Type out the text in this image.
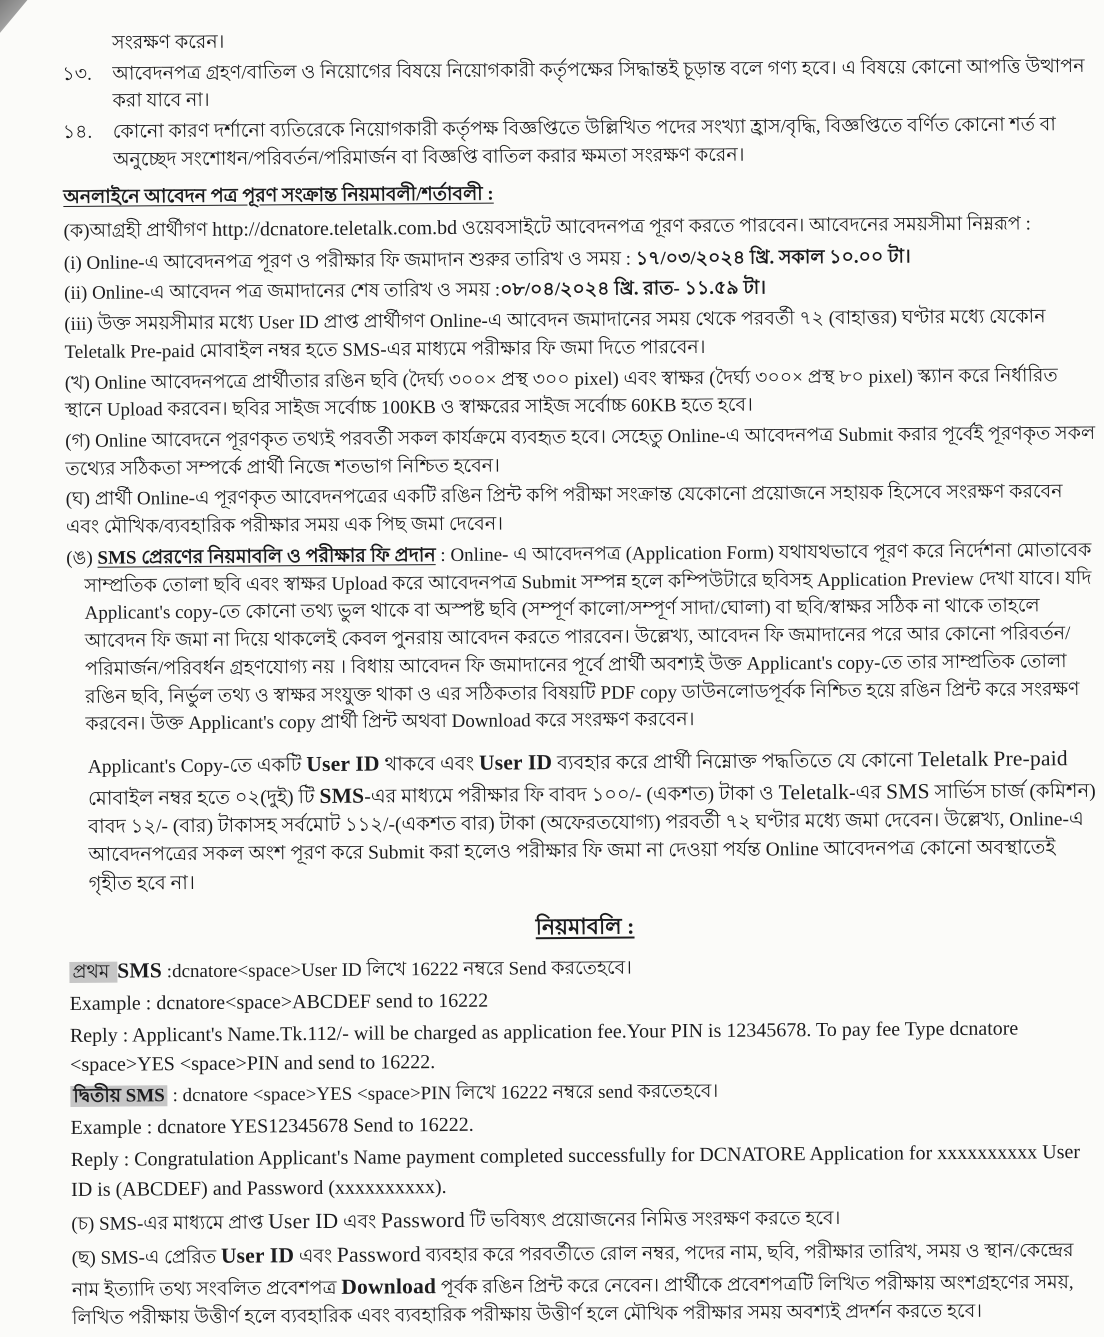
সংরক্ষণ করেন।
১৩. আবেদনপত্র গ্রহণ/বাতিল ও নিয়োগের বিষয়ে নিয়োগকারী কর্তৃপক্ষের সিদ্ধান্তই চূড়ান্ত বলে গণ্য হবে। এ বিষয়ে কোনো আপত্তি উত্থাপন করা যাবে না।
১৪. কোনো কারণ দর্শানো ব্যতিরেকে নিয়োগকারী কর্তৃপক্ষ বিজ্ঞপ্তিতে উল্লিখিত পদের সংখ্যা হ্রাস/বৃদ্ধি, বিজ্ঞপ্তিতে বর্ণিত কোনো শর্ত বা অনুচ্ছেদ সংশোধন/পরিবর্তন/পরিমার্জন বা বিজ্ঞপ্তি বাতিল করার ক্ষমতা সংরক্ষণ করেন।
অনলাইনে আবেদন পত্র পূরণ সংক্রান্ত নিয়মাবলী/শর্তাবলী :
(ক)আগ্রহী প্রার্থীগণ http://dcnatore.teletalk.com.bd ওয়েবসাইটে আবেদনপত্র পূরণ করতে পারবেন। আবেদনের সময়সীমা নিম্নরূপ :
(i) Online-এ আবেদনপত্র পূরণ ও পরীক্ষার ফি জমাদান শুরুর তারিখ ও সময় : ১৭/০৩/২০২৪ খ্রি. সকাল ১০.০০ টা।
(ii) Online-এ আবেদন পত্র জমাদানের শেষ তারিখ ও সময় :০৮/০৪/২০২৪ খ্রি. রাত- ১১.৫৯ টা।
(iii) উক্ত সময়সীমার মধ্যে User ID প্রাপ্ত প্রার্থীগণ Online-এ আবেদন জমাদানের সময় থেকে পরবর্তী ৭২ (বাহাত্তর) ঘণ্টার মধ্যে যেকোন Teletalk Pre-paid মোবাইল নম্বর হতে SMS-এর মাধ্যমে পরীক্ষার ফি জমা দিতে পারবেন।
(খ) Online আবেদনপত্রে প্রার্থীতার রঙিন ছবি (দৈর্ঘ্য ৩০০× প্রস্থ ৩০০ pixel) এবং স্বাক্ষর (দৈর্ঘ্য ৩০০× প্রস্থ ৮০ pixel) স্ক্যান করে নির্ধারিত স্থানে Upload করবেন। ছবির সাইজ সর্বোচ্চ 100KB ও স্বাক্ষরের সাইজ সর্বোচ্চ 60KB হতে হবে।
(গ) Online আবেদনে পূরণকৃত তথ্যই পরবর্তী সকল কার্যক্রমে ব্যবহৃত হবে। সেহেতু Online-এ আবেদনপত্র Submit করার পূর্বেই পূরণকৃত সকল তথ্যের সঠিকতা সম্পর্কে প্রার্থী নিজে শতভাগ নিশ্চিত হবেন।
(ঘ) প্রার্থী Online-এ পূরণকৃত আবেদনপত্রের একটি রঙিন প্রিন্ট কপি পরীক্ষা সংক্রান্ত যেকোনো প্রয়োজনে সহায়ক হিসেবে সংরক্ষণ করবেন এবং মৌখিক/ব্যবহারিক পরীক্ষার সময় এক পিছ জমা দেবেন।
(ঙ) SMS প্রেরণের নিয়মাবলি ও পরীক্ষার ফি প্রদান : Online- এ আবেদনপত্র (Application Form) যথাযথভাবে পূরণ করে নির্দেশনা মোতাবেক সাম্প্রতিক তোলা ছবি এবং স্বাক্ষর Upload করে আবেদনপত্র Submit সম্পন্ন হলে কম্পিউটারে ছবিসহ Application Preview দেখা যাবে। যদি Applicant's copy-তে কোনো তথ্য ভুল থাকে বা অস্পষ্ট ছবি (সম্পূর্ণ কালো/সম্পূর্ণ সাদা/ঘোলা) বা ছবি/স্বাক্ষর সঠিক না থাকে তাহলে আবেদন ফি জমা না দিয়ে থাকলেই কেবল পুনরায় আবেদন করতে পারবেন। উল্লেখ্য, আবেদন ফি জমাদানের পরে আর কোনো পরিবর্তন/পরিমার্জন/পরিবর্ধন গ্রহণযোগ্য নয় । বিধায় আবেদন ফি জমাদানের পূর্বে প্রার্থী অবশ্যই উক্ত Applicant's copy-তে তার সাম্প্রতিক তোলা রঙিন ছবি, নির্ভুল তথ্য ও স্বাক্ষর সংযুক্ত থাকা ও এর সঠিকতার বিষয়টি PDF copy ডাউনলোডপূর্বক নিশ্চিত হয়ে রঙিন প্রিন্ট করে সংরক্ষণ করবেন। উক্ত Applicant's copy প্রার্থী প্রিন্ট অথবা Download করে সংরক্ষণ করবেন।
Applicant's Copy-তে একটি User ID থাকবে এবং User ID ব্যবহার করে প্রার্থী নিম্নোক্ত পদ্ধতিতে যে কোনো Teletalk Pre-paid মোবাইল নম্বর হতে ০২(দুই) টি SMS-এর মাধ্যমে পরীক্ষার ফি বাবদ ১০০/- (একশত) টাকা ও Teletalk-এর SMS সার্ভিস চার্জ (কমিশন) বাবদ ১২/- (বার) টাকাসহ সর্বমোট ১১২/-(একশত বার) টাকা (অফেরতযোগ্য) পরবর্তী ৭২ ঘণ্টার মধ্যে জমা দেবেন। উল্লেখ্য, Online-এ আবেদনপত্রের সকল অংশ পূরণ করে Submit করা হলেও পরীক্ষার ফি জমা না দেওয়া পর্যন্ত Online আবেদনপত্র কোনো অবস্থাতেই গৃহীত হবে না।
নিয়মাবলি :
প্রথম SMS :dcnatore<space>User ID লিখে 16222 নম্বরে Send করতেহবে।
Example : dcnatore<space>ABCDEF send to 16222
Reply : Applicant's Name.Tk.112/- will be charged as application fee.Your PIN is 12345678. To pay fee Type dcnatore <space>YES <space>PIN and send to 16222.
দ্বিতীয় SMS : dcnatore <space>YES <space>PIN লিখে 16222 নম্বরে send করতেহবে।
Example : dcnatore YES12345678 Send to 16222.
Reply : Congratulation Applicant's Name payment completed successfully for DCNATORE Application for xxxxxxxxxx User ID is (ABCDEF) and Password (xxxxxxxxxx).
(চ) SMS-এর মাধ্যমে প্রাপ্ত User ID এবং Password টি ভবিষ্যৎ প্রয়োজনের নিমিত্ত সংরক্ষণ করতে হবে।
(ছ) SMS-এ প্রেরিত User ID এবং Password ব্যবহার করে পরবর্তীতে রোল নম্বর, পদের নাম, ছবি, পরীক্ষার তারিখ, সময় ও স্থান/কেন্দ্রের নাম ইত্যাদি তথ্য সংবলিত প্রবেশপত্র Download পূর্বক রঙিন প্রিন্ট করে নেবেন। প্রার্থীকে প্রবেশপত্রটি লিখিত পরীক্ষায় অংশগ্রহণের সময়, লিখিত পরীক্ষায় উত্তীর্ণ হলে ব্যবহারিক এবং ব্যবহারিক পরীক্ষায় উত্তীর্ণ হলে মৌখিক পরীক্ষার সময় অবশ্যই প্রদর্শন করতে হবে।
